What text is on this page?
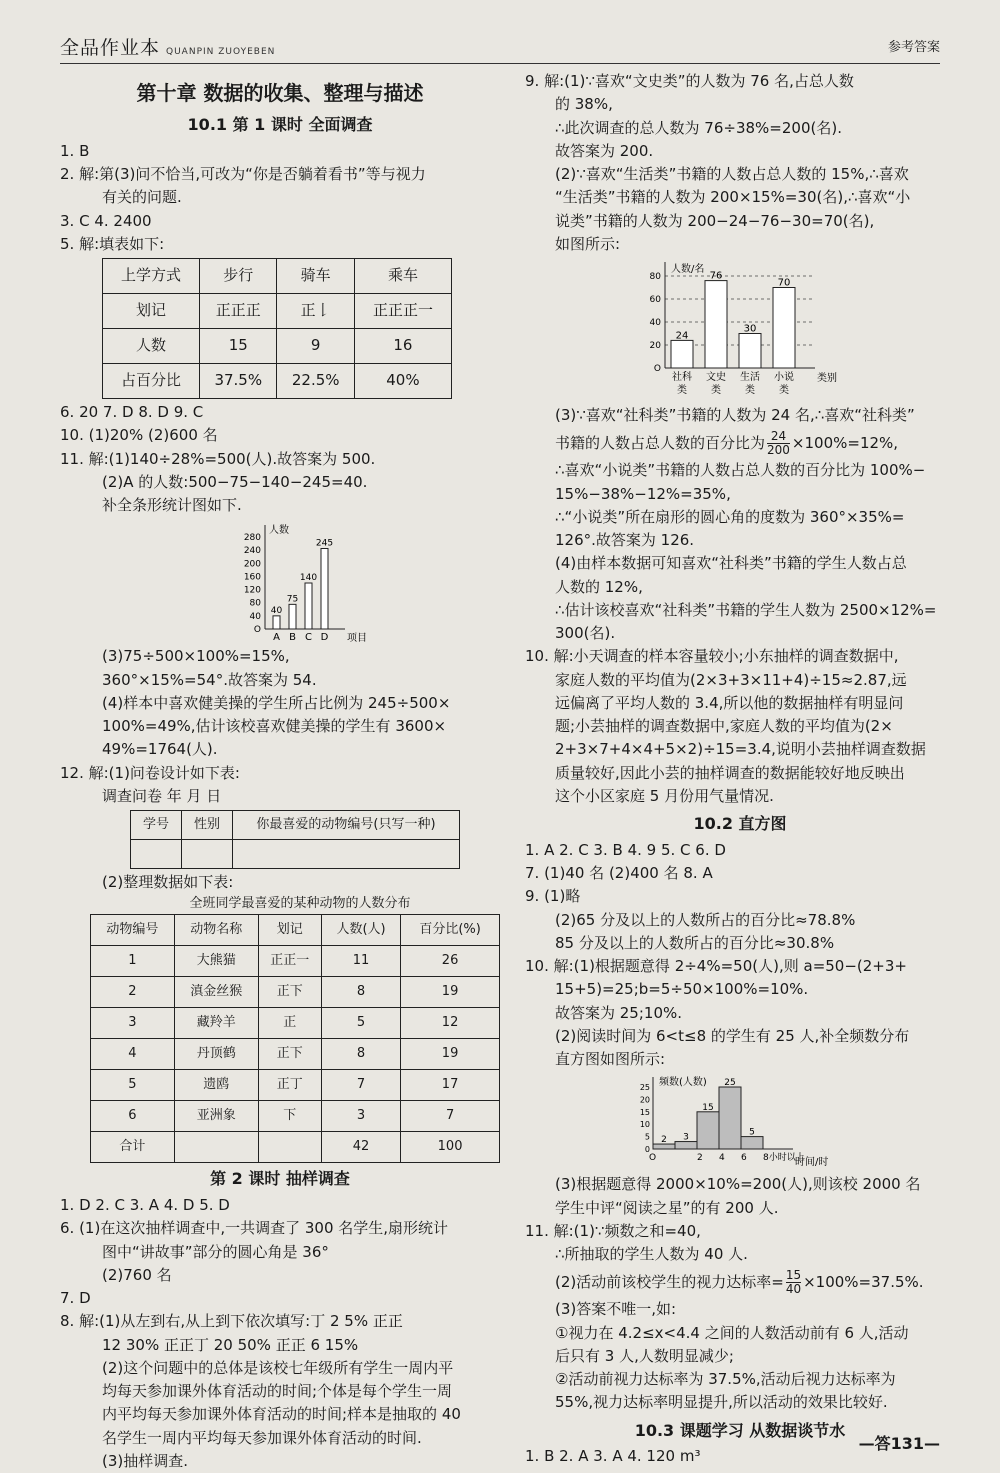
全品作业本 QUANPIN ZUOYEBEN	参考答案
第十章 数据的收集、整理与描述
10.1 第 1 课时 全面调查
1. B
2. 解:第(3)问不恰当,可改为“你是否躺着看书”等与视力
有关的问题.
3. C 4. 2400
5. 解:填表如下:
上学方式	步行	骑车	乘车
划记	正正正	正𠄌	正正正一
人数	15	9	16
占百分比	37.5%	22.5%	40%
6. 20 7. D 8. D 9. C
10. (1)20% (2)600 名
11. 解:(1)140÷28%=500(人).故答案为 500.
(2)A 的人数:500−75−140−245=40.
补全条形统计图如下.
人数
项目
280
240
200
160
120
80
40
O
40
A
75
B
140
C
245
D
(3)75÷500×100%=15%,
360°×15%=54°.故答案为 54.
(4)样本中喜欢健美操的学生所占比例为 245÷500×
100%=49%,估计该校喜欢健美操的学生有 3600×
49%=1764(人).
12. 解:(1)问卷设计如下表:
调查问卷 年 月 日
学号	性别	你最喜爱的动物编号(只写一种)

(2)整理数据如下表:
全班同学最喜爱的某种动物的人数分布
动物编号	动物名称	划记	人数(人)	百分比(%)
1	大熊猫	正正一	11	26
2	滇金丝猴	正下	8	19
3	藏羚羊	正	5	12
4	丹顶鹤	正下	8	19
5	遗鸥	正丁	7	17
6	亚洲象	下	3	7
合计			42	100
第 2 课时 抽样调查
1. D 2. C 3. A 4. D 5. D
6. (1)在这次抽样调查中,一共调查了 300 名学生,扇形统计
图中“讲故事”部分的圆心角是 36°
(2)760 名
7. D
8. 解:(1)从左到右,从上到下依次填写:丁 2 5% 正正
12 30% 正正丁 20 50% 正正 6 15%
(2)这个问题中的总体是该校七年级所有学生一周内平
均每天参加课外体育活动的时间;个体是每个学生一周
内平均每天参加课外体育活动的时间;样本是抽取的 40
名学生一周内平均每天参加课外体育活动的时间.
(3)抽样调查.
9. 解:(1)∵喜欢“文史类”的人数为 76 名,占总人数
的 38%,
∴此次调查的总人数为 76÷38%=200(名).
故答案为 200.
(2)∵喜欢“生活类”书籍的人数占总人数的 15%,∴喜欢
“生活类”书籍的人数为 200×15%=30(名),∴喜欢“小
说类”书籍的人数为 200−24−76−30=70(名),
如图所示:
人数/名
类别
80
60
40
20
O
24
社科
类
76
文史
类
30
生活
类
70
小说
类
(3)∵喜欢“社科类”书籍的人数为 24 名,∴喜欢“社科类”
书籍的人数占总人数的百分比为 $\frac{24}{200} \times 100\%=12\%$,
∴喜欢“小说类”书籍的人数占总人数的百分比为 100%−
15%−38%−12%=35%,
∴“小说类”所在扇形的圆心角的度数为 360°×35%=
126°.故答案为 126.
(4)由样本数据可知喜欢“社科类”书籍的学生人数占总
人数的 12%,
∴估计该校喜欢“社科类”书籍的学生人数为 2500×12%=
300(名).
10. 解:小天调查的样本容量较小;小东抽样的调查数据中,
家庭人数的平均值为(2×3+3×11+4)÷15≈2.87,远
远偏离了平均人数的 3.4,所以他的数据抽样有明显问
题;小芸抽样的调查数据中,家庭人数的平均值为(2×
2+3×7+4×4+5×2)÷15=3.4,说明小芸抽样调查数据
质量较好,因此小芸的抽样调查的数据能较好地反映出
这个小区家庭 5 月份用气量情况.
10.2 直方图
1. A 2. C 3. B 4. 9 5. C 6. D
7. (1)40 名 (2)400 名 8. A
9. (1)略
(2)65 分及以上的人数所占的百分比≈78.8%
85 分及以上的人数所占的百分比≈30.8%
10. 解:(1)根据题意得 2÷4%=50(人),则 a=50−(2+3+
15+5)=25;b=5÷50×100%=10%.
故答案为 25;10%.
(2)阅读时间为 6<t≤8 的学生有 25 人,补全频数分布
直方图如图所示:
频数(人数)
时间/时
25
20
15
10
5
0
2 3
15
25
5
O	2 4 6 8小时以上
(3)根据题意得 2000×10%=200(人),则该校 2000 名
学生中评“阅读之星”的有 200 人.
11. 解:(1)∵频数之和=40,
∴所抽取的学生人数为 40 人.
(2)活动前该校学生的视力达标率= $\frac{15}{40} \times 100\%=37.5\%$.
(3)答案不唯一,如:
①视力在 4.2≤x<4.4 之间的人数活动前有 6 人,活动
后只有 3 人,人数明显减少;
②活动前视力达标率为 37.5%,活动后视力达标率为
55%,视力达标率明显提升,所以活动的效果比较好.
10.3 课题学习 从数据谈节水
1. B 2. A 3. A 4. 120 m³
—答131—
